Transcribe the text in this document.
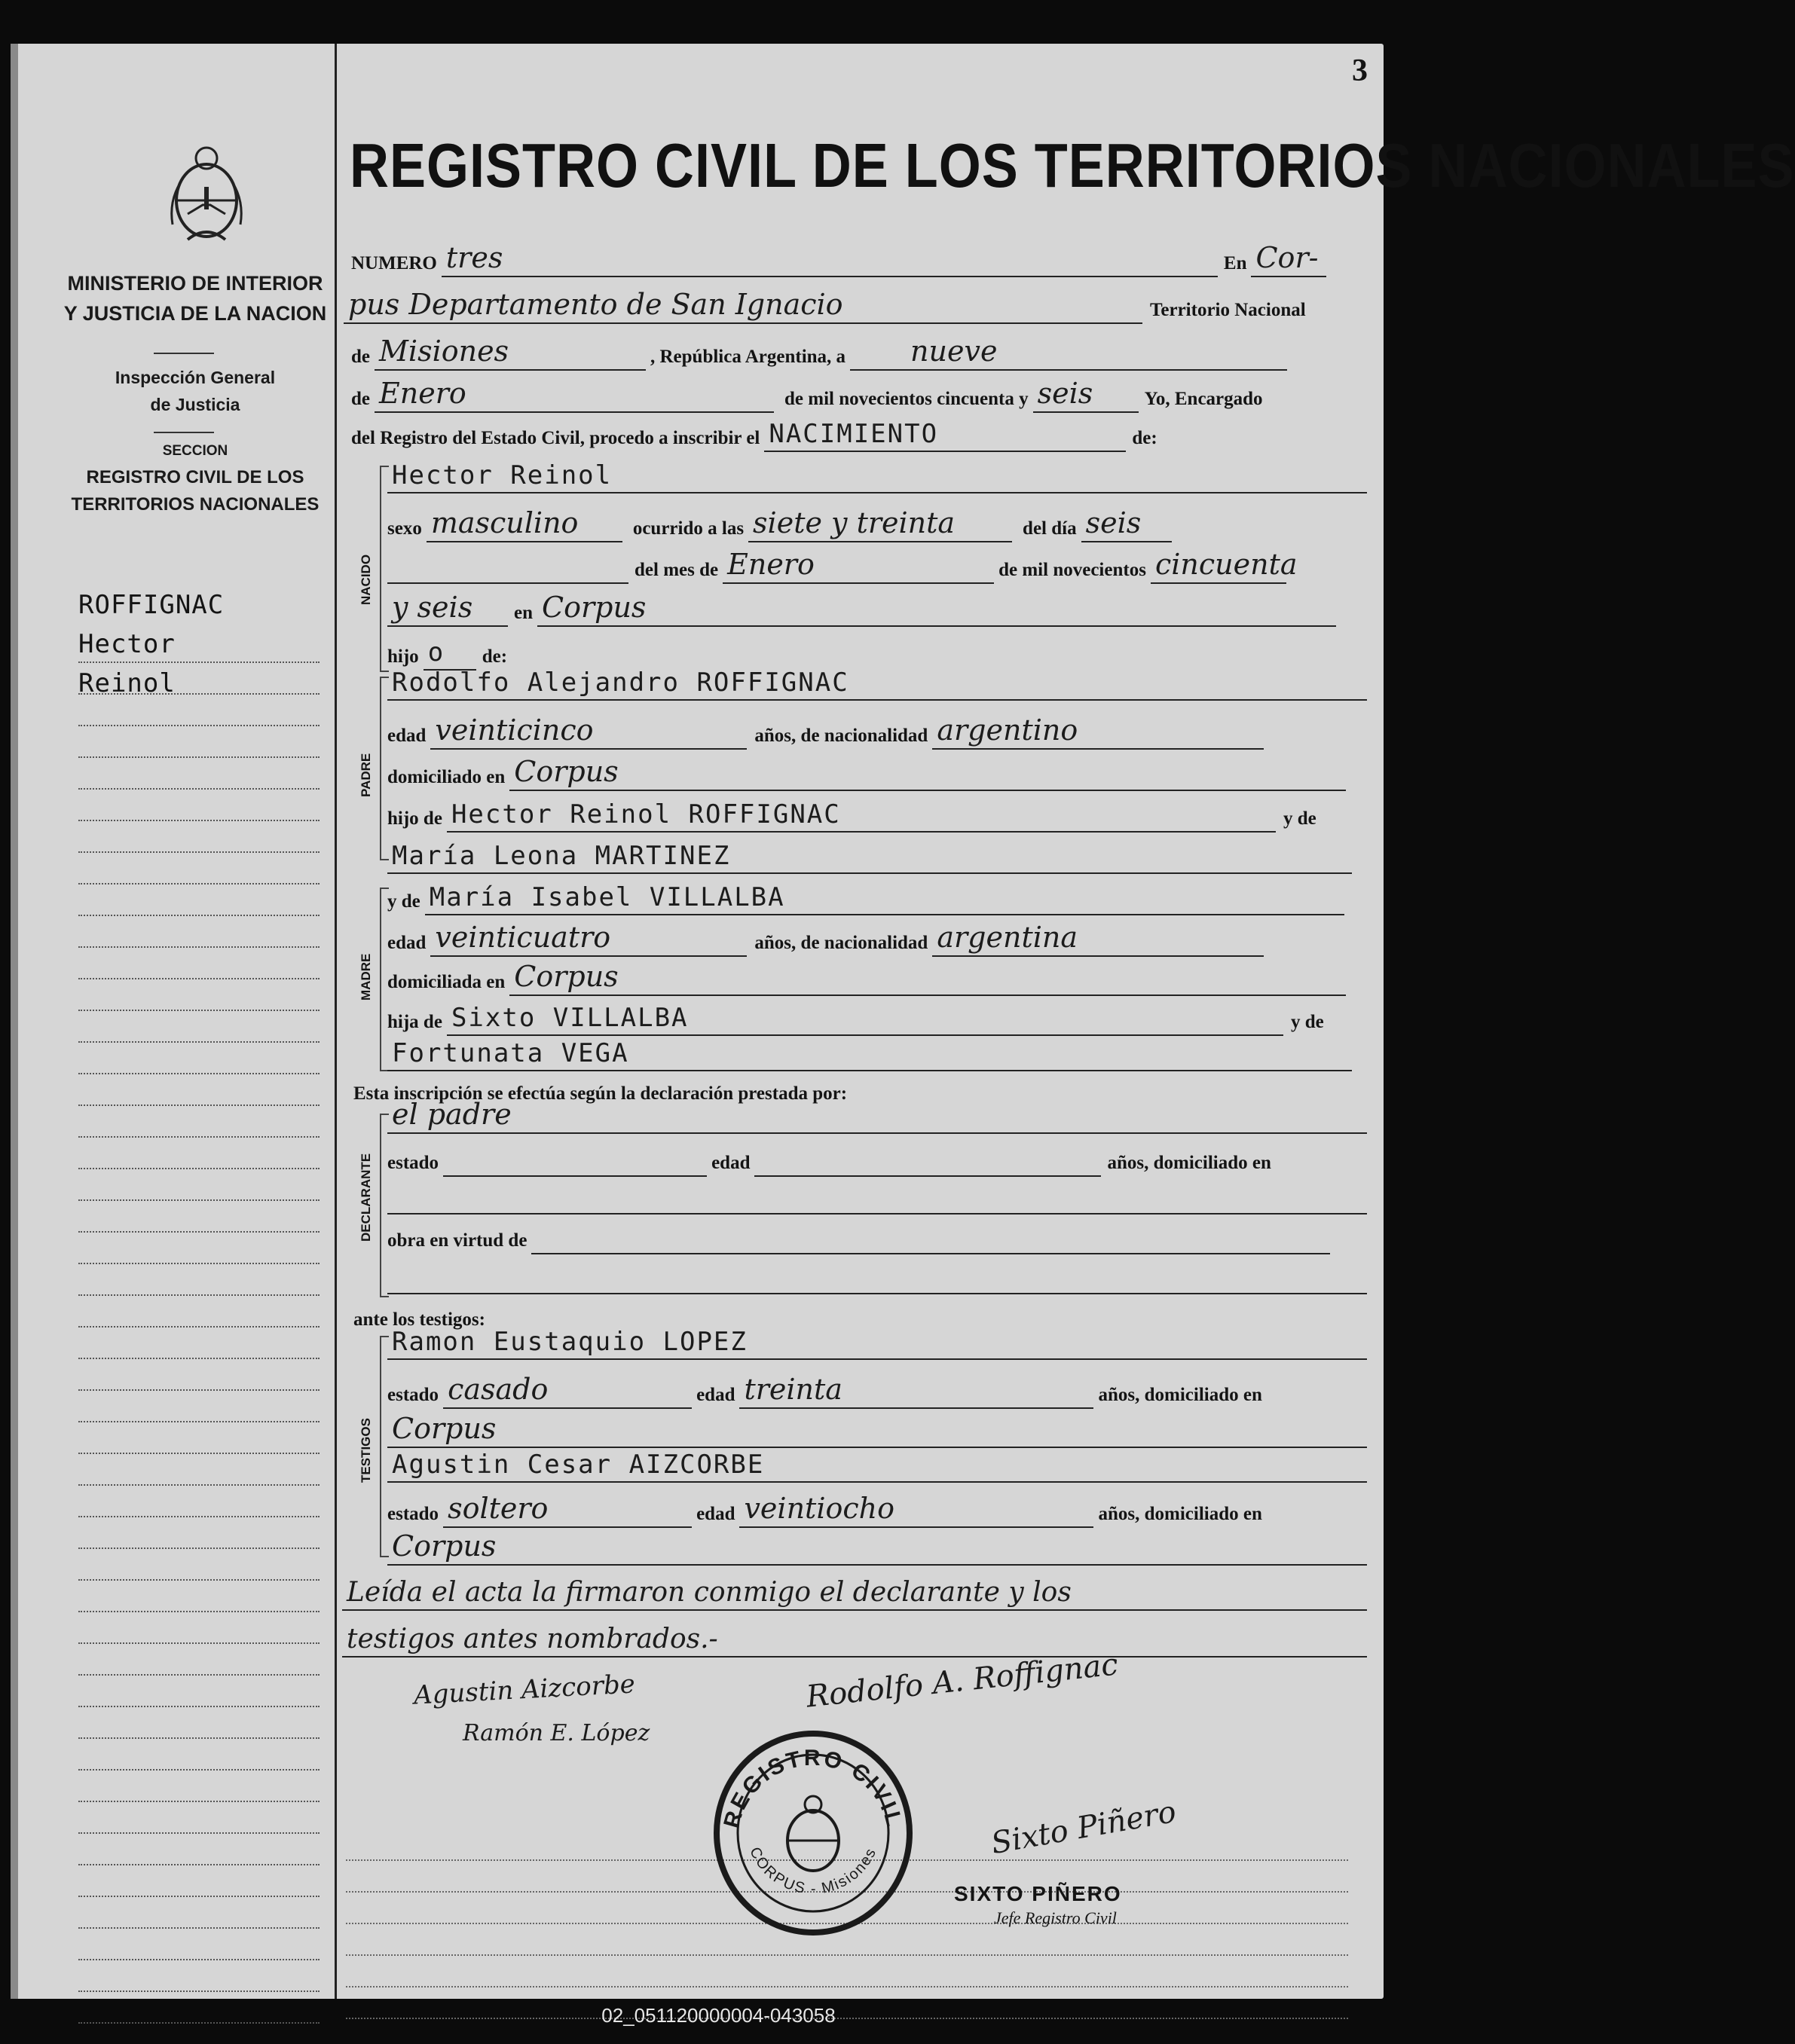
3
MINISTERIO DE INTERIOR
Y JUSTICIA DE LA NACION
Inspección General
de Justicia
SECCION
REGISTRO CIVIL DE LOS
TERRITORIOS NACIONALES
ROFFIGNAC
Hector
Reinol
REGISTRO CIVIL DE LOS TERRITORIOS NACIONALES
NUMERO tres	En Cor-
pus Departamento de San Ignacio	Territorio Nacional
de Misiones	, República Argentina, a nueve
de Enero	de mil novecientos cincuenta y seis	Yo, Encargado
del Registro del Estado Civil, procedo a inscribir el NACIMIENTO	de:
NACIDO
Hector Reinol
sexo masculino	ocurrido a las siete y treinta	del día seis
del mes de Enero	de mil novecientos cincuenta
y seis	en Corpus
hijo o	de:
PADRE
Rodolfo Alejandro ROFFIGNAC
edad veinticinco	años, de nacionalidad argentino
domiciliado en Corpus
hijo de Hector Reinol ROFFIGNAC	y de
María Leona MARTINEZ
MADRE
y de María Isabel VILLALBA
edad veinticuatro	años, de nacionalidad argentina
domiciliada en Corpus
hija de Sixto VILLALBA	y de
Fortunata VEGA
Esta inscripción se efectúa según la declaración prestada por:
DECLARANTE
el padre
estado	edad	años, domiciliado en
obra en virtud de
ante los testigos:
TESTIGOS
Ramon Eustaquio LOPEZ
estado casado	edad treinta	años, domiciliado en
Corpus
Agustin Cesar AIZCORBE
estado soltero	edad veintiocho	años, domiciliado en
Corpus
Leída el acta la firmaron conmigo el declarante y los
testigos antes nombrados.-
Agustin Aizcorbe
Ramón E. López
Rodolfo A. Roffignac
Sixto Piñero
REGISTRO CIVIL
CORPUS - Misiones
SIXTO PIÑERO
Jefe Registro Civil
02_051120000004-043058
